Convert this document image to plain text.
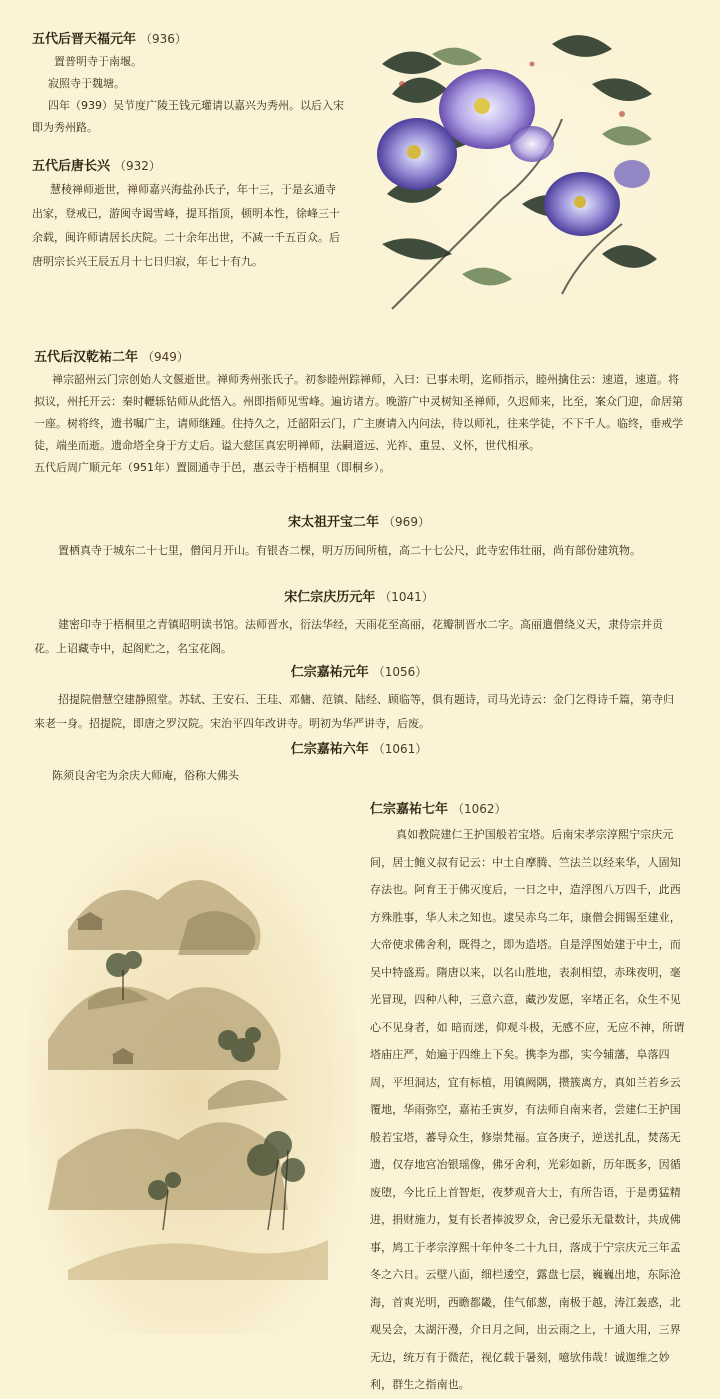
五代后晋天福元年 （936）

置普明寺于南堰。

寂照寺于魏塘。

四年（939）吴节度广陵王钱元瓘请以嘉兴为秀州。以后入宋即为秀州路。

五代后唐长兴 （932）

慧稜禅师逝世，禅师嘉兴海盐孙氏子，年十三，于是玄通寺出家，登戒已，游闽寺谒雪峰，提耳指顶，顿明本性，徐峰三十余载，闽许师请居长庆院。二十余年出世，不减一千五百众。后唐明宗长兴王辰五月十七日归寂，年七十有九。

五代后汉乾祐二年 （949）

禅宗韶州云门宗创始人文偃逝世。禅师秀州张氏子。初参睦州踪禅师，入曰：已事未明，迄师指示，睦州擒住云：速道，速道。将拟议，州托开云：秦时轣轹钻师从此悟入。州即指师见雪峰。遍访诸方。晚游广中灵树知圣禅师，久迟师来，比至，案众门迎，命居第一座。树将终，遗书嘱广主，请师继踵。住持久之，迁韶阳云门，广主赓请入内问法，待以师礼，往来学徒，不下千人。临终，垂戒学徒，端坐而逝。遗命塔全身于方丈后。谥大慈匡真宏明禅师，法嗣道远、光祚、重昱、义怀，世代相承。

五代后周广顺元年（951年）置圆通寺于邑，惠云寺于梧桐里（即桐乡）。

宋太祖开宝二年 （969）

置栖真寺于城东二十七里，僧闰月开山。有银杏二棵，明万历间所植，高二十七公尺，此寺宏伟壮丽，尚有部份建筑物。

宋仁宗庆历元年 （1041）

建密印寺于梧桐里之青镇昭明读书馆。法师晋水，衍法华经，天雨花至高丽，花瓣制晋水二字。高丽遣僧绕义天，隶侍宗并贡花。上诏藏寺中，起阁贮之，名宝花阁。

仁宗嘉祐元年 （1056）

招提院僧慧空建静照堂。苏轼、王安石、王珪、邓傭、范镇、陆经、顾临等，俱有题诗，司马光诗云：金门乞得诗千篇，第寺归来老一身。招提院，即唐之罗汉院。宋治平四年改讲寺。明初为华严讲寺，后废。

仁宗嘉祐六年 （1061）

陈须良舍宅为余庆大师庵，俗称大佛头

仁宗嘉祐七年 （1062）

真如教院建仁王护国般若宝塔。后南宋孝宗淳熙宁宗庆元间，居士鲍义叔有记云：中土自摩腾、竺法兰以经来华，人固知存法也。阿育王于佛灭度后，一日之中，造浮图八万四千，此西方殊胜事，华人未之知也。逮吴赤乌二年，康僧会拥锡至建业，大帝使求佛舍利，既得之，即为造塔。自是浮图始建于中土，而吴中特盛焉。隋唐以来，以名山胜地，表刹相望，赤珠夜明，毫光冒现，四种八种，三意六意，藏沙发愿，宰堵正名，众生不见心不见身者，如 暗而迷，仰观斗极，无感不应，无应不神，所谓塔庙庄严，始遍于四维上下矣。携李为郡，实今辅藩，阜落四周，平坦洞达，宜有标植，用镇阙隅，攒簇离方，真如兰若乡云覆地，华雨弥空，嘉祐壬寅岁，有法师自南来者，尝建仁王护国般若宝塔，蕃导众生，修崇梵福。宣各庚子，逆送扎乱，焚荡无遗，仅存地宫冶银瑶像，佛牙舍利，光彩如新，历年既多，因循废堕，今比丘上首智炬，夜梦观音大士，有所告语，于是勇猛精进，捐财施力，复有长者捧波罗众，舍已爱乐无量数计，共成佛事，鸠工于孝宗淳熙十年仲冬二十九日，落成于宁宗庆元三年孟冬之六日。云壁八面，细栏逶空，露盘七层，巍巍出地，东际沧海，首爽光明，西瞻都畿，佳气郁葱，南极于越，涛江轰惑，北观吴会，太湖汗漫，介日月之间，出云雨之上，十通大用，三界无边，统万有于微茫，视亿载于暑刻，噫欤伟哉！诚迦维之妙利，群生之指南也。
